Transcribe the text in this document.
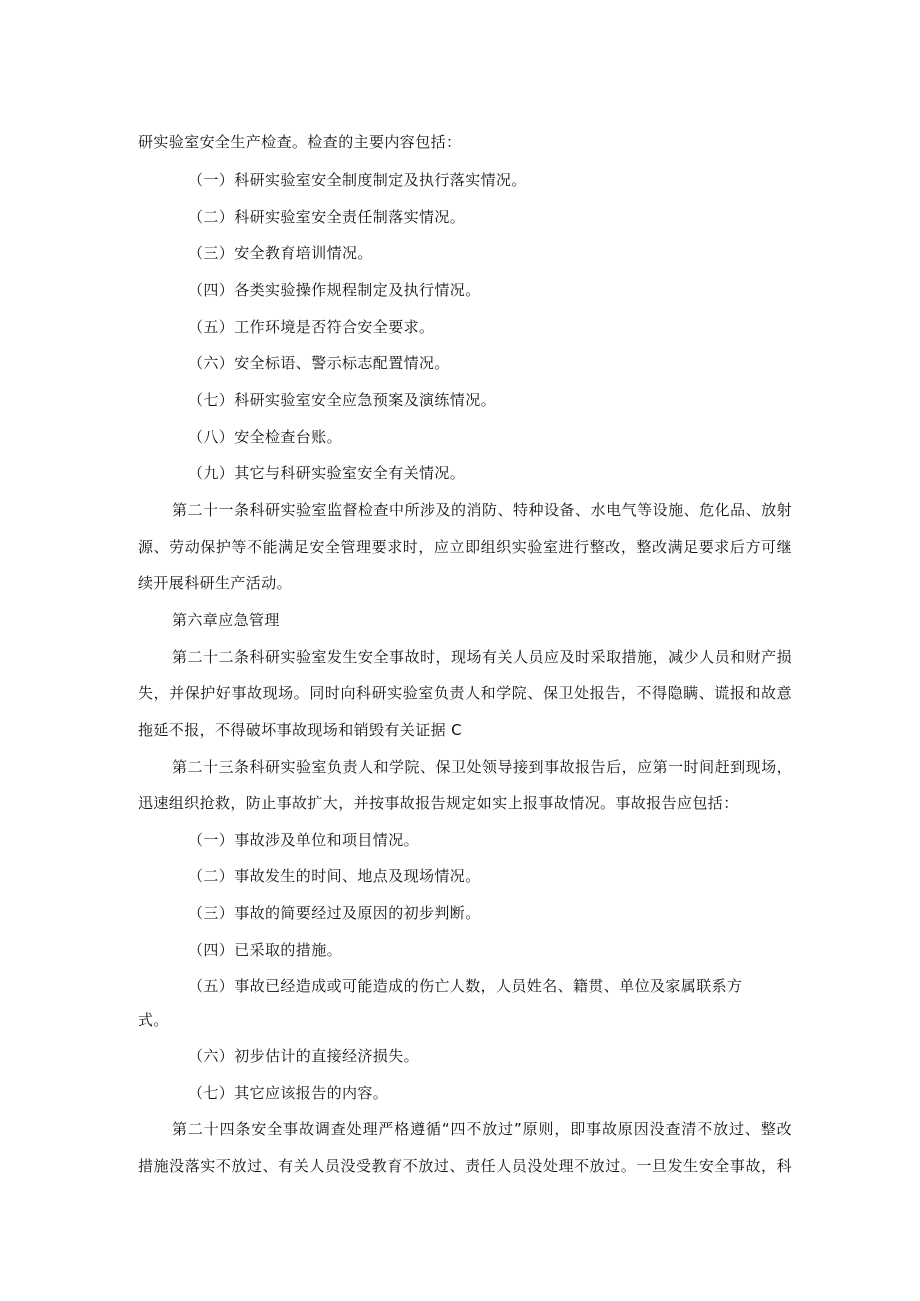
研实验室安全生产检查。检查的主要内容包括：
（一）科研实验室安全制度制定及执行落实情况。
（二）科研实验室安全责任制落实情况。
（三）安全教育培训情况。
（四）各类实验操作规程制定及执行情况。
（五）工作环境是否符合安全要求。
（六）安全标语、警示标志配置情况。
（七）科研实验室安全应急预案及演练情况。
（八）安全检查台账。
（九）其它与科研实验室安全有关情况。
第二十一条科研实验室监督检查中所涉及的消防、特种设备、水电气等设施、危化品、放射
源、劳动保护等不能满足安全管理要求时，应立即组织实验室进行整改，整改满足要求后方可继
续开展科研生产活动。
第六章应急管理
第二十二条科研实验室发生安全事故时，现场有关人员应及时采取措施，减少人员和财产损
失，并保护好事故现场。同时向科研实验室负责人和学院、保卫处报告，不得隐瞒、谎报和故意
拖延不报，不得破坏事故现场和销毁有关证据 C
第二十三条科研实验室负责人和学院、保卫处领导接到事故报告后，应第一时间赶到现场，
迅速组织抢救，防止事故扩大，并按事故报告规定如实上报事故情况。事故报告应包括：
（一）事故涉及单位和项目情况。
（二）事故发生的时间、地点及现场情况。
（三）事故的简要经过及原因的初步判断。
（四）已采取的措施。
（五）事故已经造成或可能造成的伤亡人数，人员姓名、籍贯、单位及家属联系方
式。
（六）初步估计的直接经济损失。
（七）其它应该报告的内容。
第二十四条安全事故调查处理严格遵循“四不放过”原则，即事故原因没查清不放过、整改
措施没落实不放过、有关人员没受教育不放过、责任人员没处理不放过。一旦发生安全事故，科
